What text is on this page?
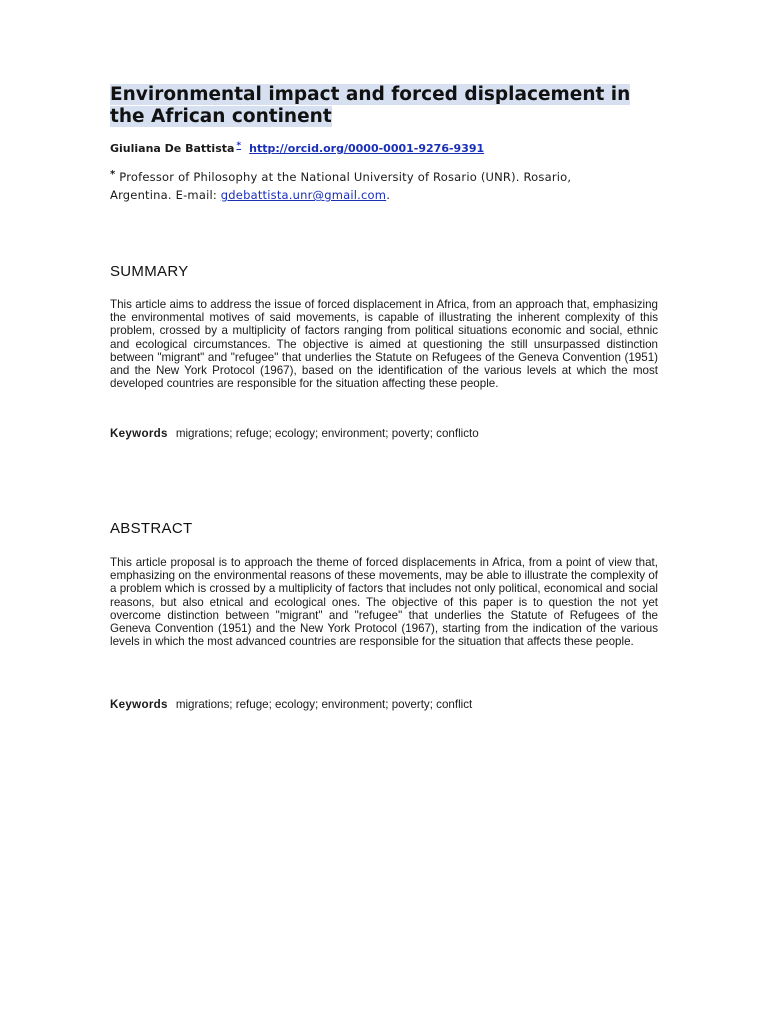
Environmental impact and forced displacement in the African continent
Giuliana De Battista * http://orcid.org/0000-0001-9276-9391
* Professor of Philosophy at the National University of Rosario (UNR). Rosario, Argentina. E-mail: gdebattista.unr@gmail.com.
SUMMARY

This article aims to address the issue of forced displacement in Africa, from an approach that, emphasizing the environmental motives of said movements, is capable of illustrating the inherent complexity of this problem, crossed by a multiplicity of factors ranging from political situations economic and social, ethnic and ecological circumstances. The objective is aimed at questioning the still unsurpassed distinction between "migrant" and "refugee" that underlies the Statute on Refugees of the Geneva Convention (1951) and the New York Protocol (1967), based on the identification of the various levels at which the most developed countries are responsible for the situation affecting these people.

Keywords migrations; refuge; ecology; environment; poverty; conflicto
ABSTRACT

This article proposal is to approach the theme of forced displacements in Africa, from a point of view that, emphasizing on the environmental reasons of these movements, may be able to illustrate the complexity of a problem which is crossed by a multiplicity of factors that includes not only political, economical and social reasons, but also etnical and ecological ones. The objective of this paper is to question the not yet overcome distinction between "migrant" and "refugee" that underlies the Statute of Refugees of the Geneva Convention (1951) and the New York Protocol (1967), starting from the indication of the various levels in which the most advanced countries are responsible for the situation that affects these people.

Keywords migrations; refuge; ecology; environment; poverty; conflict
